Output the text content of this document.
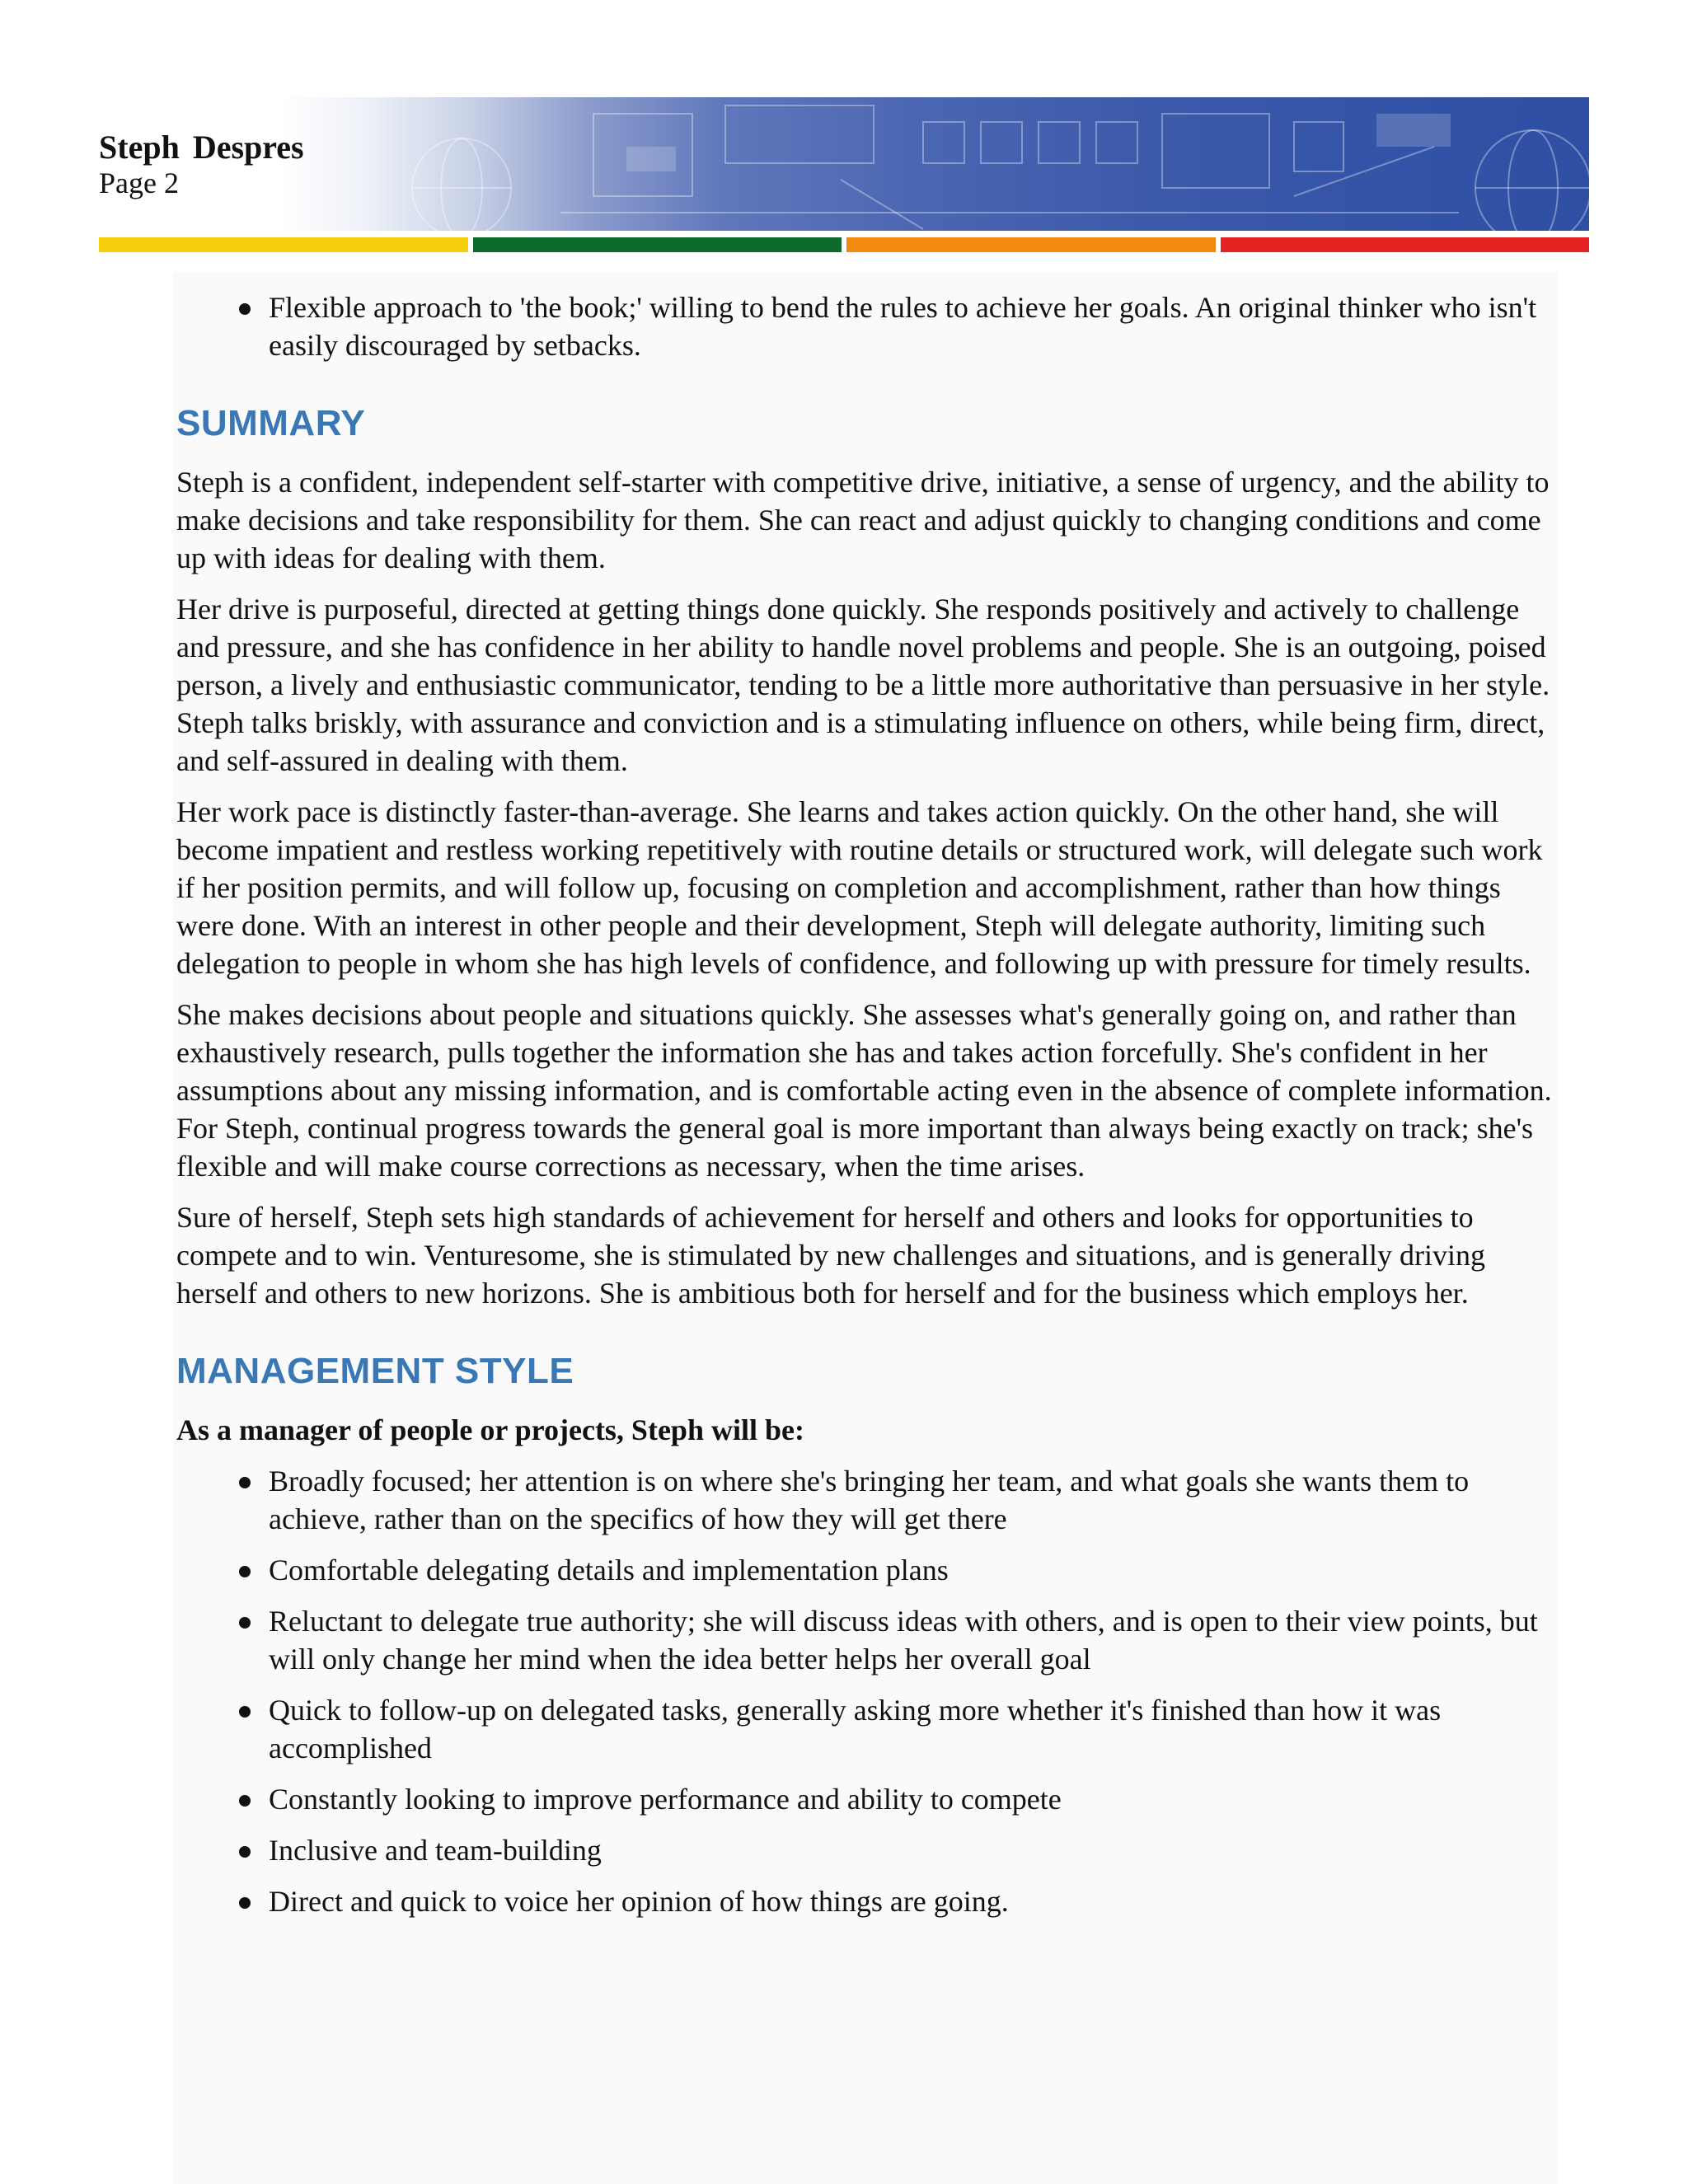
Steph Despres
Page 2
Flexible approach to 'the book;' willing to bend the rules to achieve her goals. An original thinker who isn't easily discouraged by setbacks.
SUMMARY

Steph is a confident, independent self-starter with competitive drive, initiative, a sense of urgency, and the ability to make decisions and take responsibility for them. She can react and adjust quickly to changing conditions and come up with ideas for dealing with them.

Her drive is purposeful, directed at getting things done quickly. She responds positively and actively to challenge and pressure, and she has confidence in her ability to handle novel problems and people. She is an outgoing, poised person, a lively and enthusiastic communicator, tending to be a little more authoritative than persuasive in her style. Steph talks briskly, with assurance and conviction and is a stimulating influence on others, while being firm, direct, and self-assured in dealing with them.

Her work pace is distinctly faster-than-average. She learns and takes action quickly. On the other hand, she will become impatient and restless working repetitively with routine details or structured work, will delegate such work if her position permits, and will follow up, focusing on completion and accomplishment, rather than how things were done. With an interest in other people and their development, Steph will delegate authority, limiting such delegation to people in whom she has high levels of confidence, and following up with pressure for timely results.

She makes decisions about people and situations quickly. She assesses what's generally going on, and rather than exhaustively research, pulls together the information she has and takes action forcefully. She's confident in her assumptions about any missing information, and is comfortable acting even in the absence of complete information. For Steph, continual progress towards the general goal is more important than always being exactly on track; she's flexible and will make course corrections as necessary, when the time arises.

Sure of herself, Steph sets high standards of achievement for herself and others and looks for opportunities to compete and to win. Venturesome, she is stimulated by new challenges and situations, and is generally driving herself and others to new horizons. She is ambitious both for herself and for the business which employs her.

MANAGEMENT STYLE
As a manager of people or projects, Steph will be:
Broadly focused; her attention is on where she's bringing her team, and what goals she wants them to achieve, rather than on the specifics of how they will get there
Comfortable delegating details and implementation plans
Reluctant to delegate true authority; she will discuss ideas with others, and is open to their view points, but will only change her mind when the idea better helps her overall goal
Quick to follow-up on delegated tasks, generally asking more whether it's finished than how it was accomplished
Constantly looking to improve performance and ability to compete
Inclusive and team-building
Direct and quick to voice her opinion of how things are going.
